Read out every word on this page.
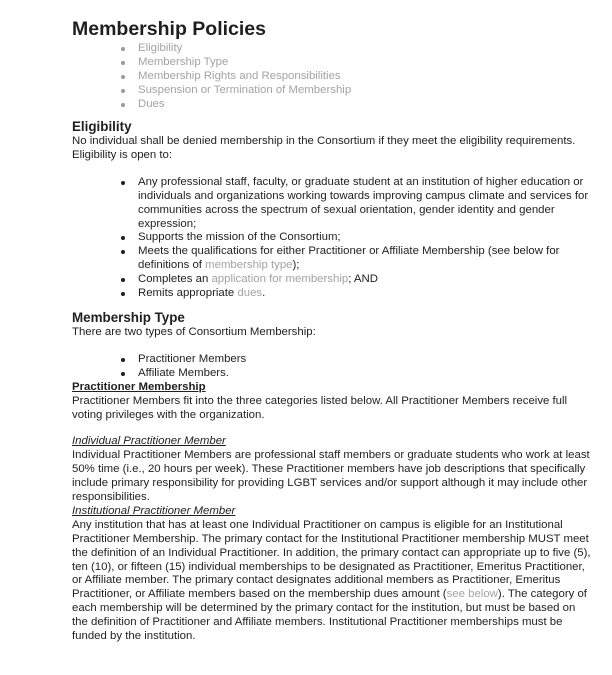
Membership Policies
Eligibility
Membership Type
Membership Rights and Responsibilities
Suspension or Termination of Membership
Dues
Eligibility

No individual shall be denied membership in the Consortium if they meet the eligibility requirements. Eligibility is open to:

Any professional staff, faculty, or graduate student at an institution of higher education or individuals and organizations working towards improving campus climate and services for communities across the spectrum of sexual orientation, gender identity and gender expression;
Supports the mission of the Consortium;
Meets the qualifications for either Practitioner or Affiliate Membership (see below for definitions of membership type);
Completes an application for membership; AND
Remits appropriate dues.
Membership Type

There are two types of Consortium Membership:

Practitioner Members
Affiliate Members.

Practitioner Membership

Practitioner Members fit into the three categories listed below. All Practitioner Members receive full voting privileges with the organization.

Individual Practitioner Member

Individual Practitioner Members are professional staff members or graduate students who work at least 50% time (i.e., 20 hours per week). These Practitioner members have job descriptions that specifically include primary responsibility for providing LGBT services and/or support although it may include other responsibilities.

Institutional Practitioner Member

Any institution that has at least one Individual Practitioner on campus is eligible for an Institutional Practitioner Membership. The primary contact for the Institutional Practitioner membership MUST meet the definition of an Individual Practitioner. In addition, the primary contact can appropriate up to five (5), ten (10), or fifteen (15) individual memberships to be designated as Practitioner, Emeritus Practitioner, or Affiliate member. The primary contact designates additional members as Practitioner, Emeritus Practitioner, or Affiliate members based on the membership dues amount (see below). The category of each membership will be determined by the primary contact for the institution, but must be based on the definition of Practitioner and Affiliate members. Institutional Practitioner memberships must be funded by the institution.
